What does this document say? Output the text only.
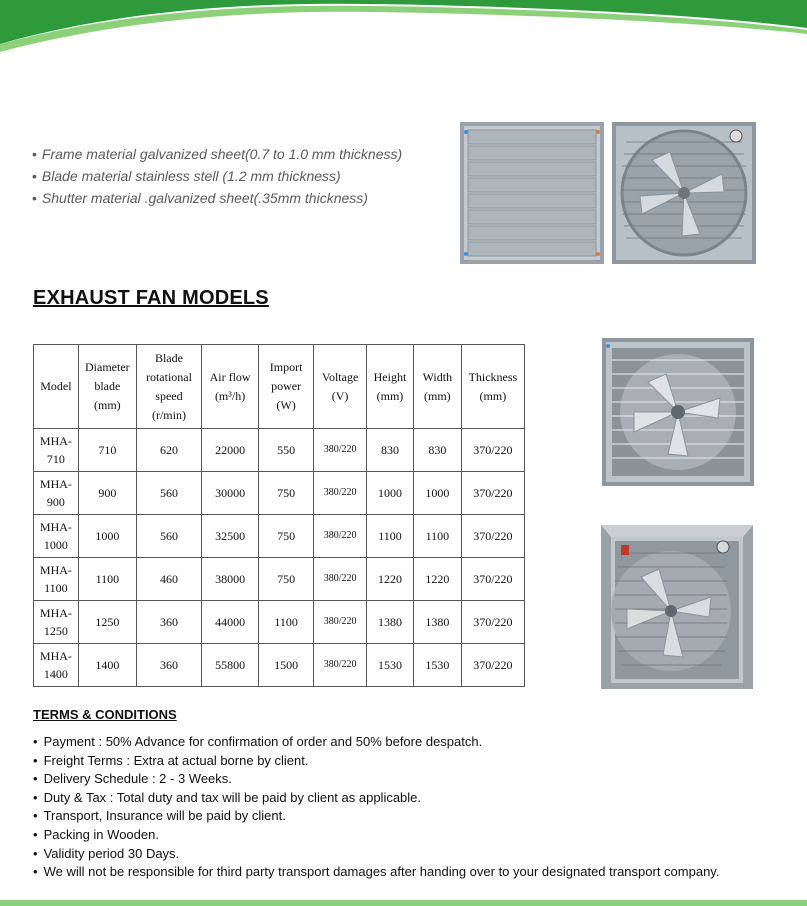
• Frame material galvanized sheet(0.7 to 1.0 mm thickness)
• Blade material stainless stell (1.2 mm thickness)
• Shutter material .galvanized sheet(.35mm thickness)
EXHAUST FAN MODELS
Model	Diameter blade (mm)	Blade rotational speed (r/min)	Air flow (m³/h)	Import power (W)	Voltage (V)	Height (mm)	Width (mm)	Thickness (mm)
MHA-710	710	620	22000	550	380/220	830	830	370/220
MHA-900	900	560	30000	750	380/220	1000	1000	370/220
MHA-1000	1000	560	32500	750	380/220	1100	1100	370/220
MHA-1100	1100	460	38000	750	380/220	1220	1220	370/220
MHA-1250	1250	360	44000	1100	380/220	1380	1380	370/220
MHA-1400	1400	360	55800	1500	380/220	1530	1530	370/220
TERMS & CONDITIONS
• Payment : 50% Advance for confirmation of order and 50% before despatch.
• Freight Terms : Extra at actual borne by client.
• Delivery Schedule : 2 - 3 Weeks.
• Duty & Tax : Total duty and tax will be paid by client as applicable.
• Transport, Insurance will be paid by client.
• Packing in Wooden.
• Validity period 30 Days.
• We will not be responsible for third party transport damages after handing over to your designated transport company.
